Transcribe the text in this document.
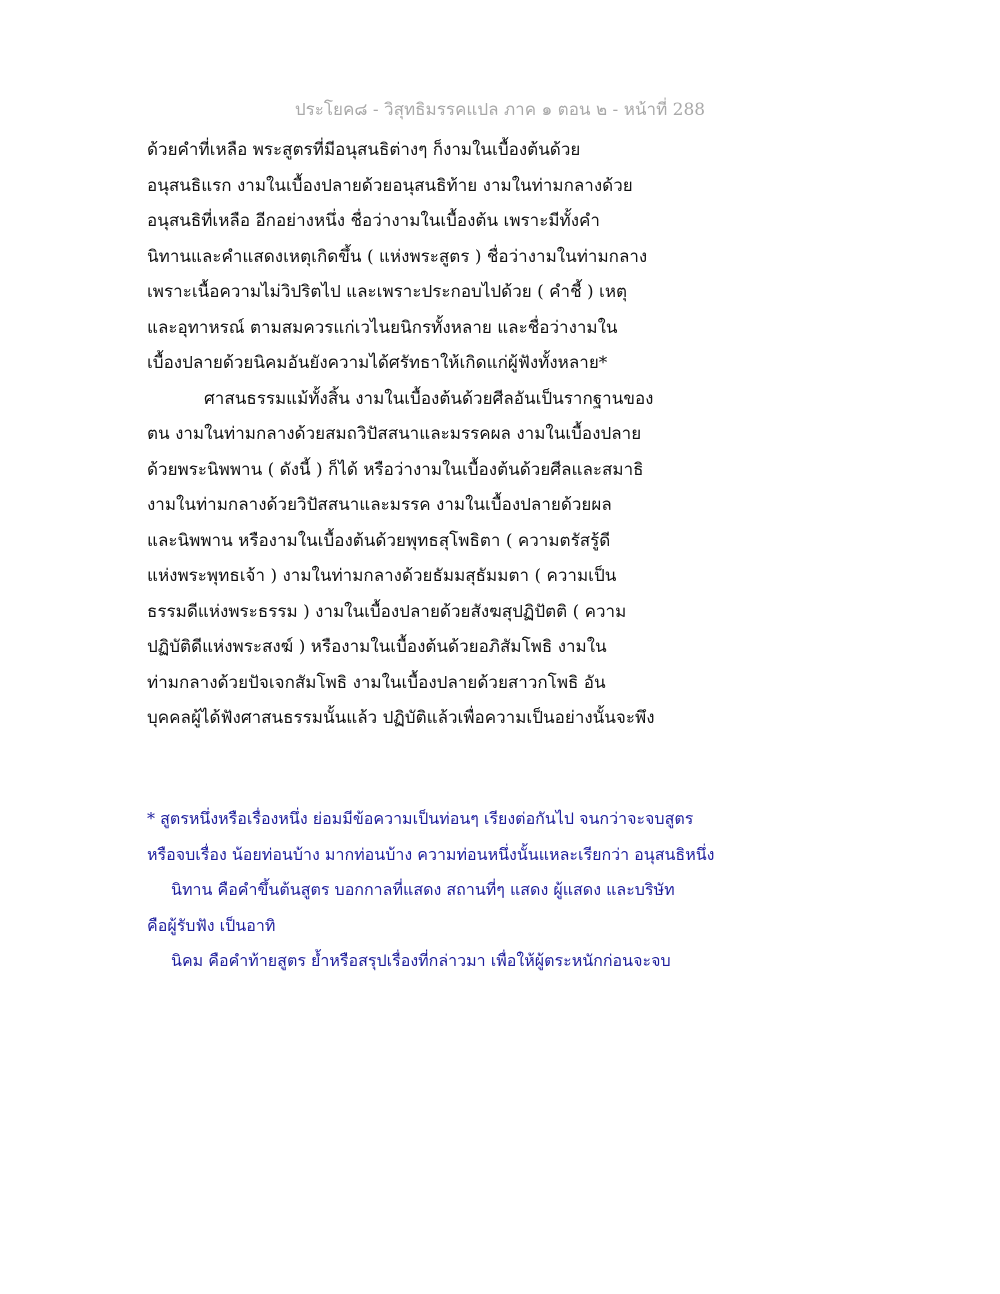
ประโยค๘ - วิสุทธิมรรคแปล ภาค ๑ ตอน ๒ - หน้าที่ 288
ด้วยคำที่เหลือ พระสูตรที่มีอนุสนธิต่างๆ ก็งามในเบื้องต้นด้วย
อนุสนธิแรก งามในเบื้องปลายด้วยอนุสนธิท้าย งามในท่ามกลางด้วย
อนุสนธิที่เหลือ อีกอย่างหนึ่ง ชื่อว่างามในเบื้องต้น เพราะมีทั้งคำ
นิทานและคำแสดงเหตุเกิดขึ้น ( แห่งพระสูตร ) ชื่อว่างามในท่ามกลาง
เพราะเนื้อความไม่วิปริตไป และเพราะประกอบไปด้วย ( คำชี้ ) เหตุ
และอุทาหรณ์ ตามสมควรแก่เวไนยนิกรทั้งหลาย และชื่อว่างามใน
เบื้องปลายด้วยนิคมอันยังความได้ศรัทธาให้เกิดแก่ผู้ฟังทั้งหลาย*
ศาสนธรรมแม้ทั้งสิ้น งามในเบื้องต้นด้วยศีลอันเป็นรากฐานของ
ตน งามในท่ามกลางด้วยสมถวิปัสสนาและมรรคผล งามในเบื้องปลาย
ด้วยพระนิพพาน ( ดังนี้ ) ก็ได้ หรือว่างามในเบื้องต้นด้วยศีลและสมาธิ
งามในท่ามกลางด้วยวิปัสสนาและมรรค งามในเบื้องปลายด้วยผล
และนิพพาน หรืองามในเบื้องต้นด้วยพุทธสุโพธิตา ( ความตรัสรู้ดี
แห่งพระพุทธเจ้า ) งามในท่ามกลางด้วยธัมมสุธัมมตา ( ความเป็น
ธรรมดีแห่งพระธรรม ) งามในเบื้องปลายด้วยสังฆสุปฏิปัตติ ( ความ
ปฏิบัติดีแห่งพระสงฆ์ ) หรืองามในเบื้องต้นด้วยอภิสัมโพธิ งามใน
ท่ามกลางด้วยปัจเจกสัมโพธิ งามในเบื้องปลายด้วยสาวกโพธิ อัน
บุคคลผู้ได้ฟังศาสนธรรมนั้นแล้ว ปฏิบัติแล้วเพื่อความเป็นอย่างนั้นจะพึง
* สูตรหนึ่งหรือเรื่องหนึ่ง ย่อมมีข้อความเป็นท่อนๆ เรียงต่อกันไป จนกว่าจะจบสูตร
หรือจบเรื่อง น้อยท่อนบ้าง มากท่อนบ้าง ความท่อนหนึ่งนั้นแหละเรียกว่า อนุสนธิหนึ่ง
นิทาน คือคำขึ้นต้นสูตร บอกกาลที่แสดง สถานที่ๆ แสดง ผู้แสดง และบริษัท
คือผู้รับฟัง เป็นอาทิ
นิคม คือคำท้ายสูตร ย้ำหรือสรุปเรื่องที่กล่าวมา เพื่อให้ผู้ตระหนักก่อนจะจบ
